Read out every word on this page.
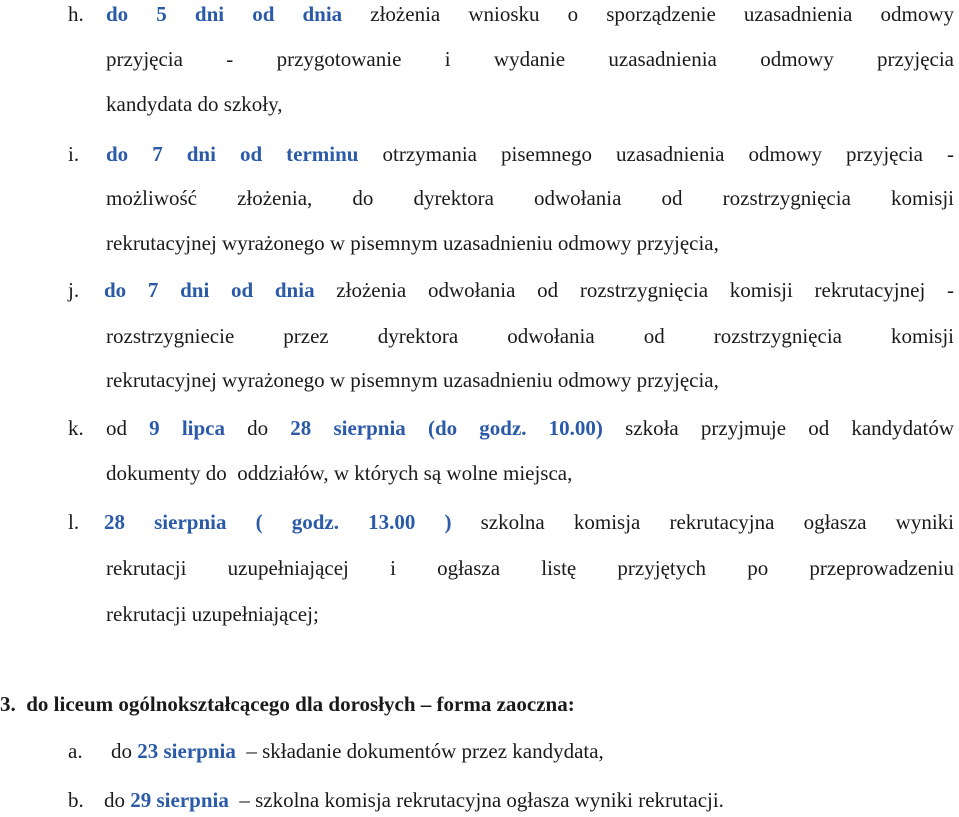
h. do 5 dni od dnia złożenia wniosku o sporządzenie uzasadnienia odmowy
przyjęcia - przygotowanie i wydanie uzasadnienia odmowy przyjęcia
kandydata do szkoły,
i. do 7 dni od terminu otrzymania pisemnego uzasadnienia odmowy przyjęcia -
możliwość złożenia, do dyrektora odwołania od rozstrzygnięcia komisji
rekrutacyjnej wyrażonego w pisemnym uzasadnieniu odmowy przyjęcia,
j. do 7 dni od dnia złożenia odwołania od rozstrzygnięcia komisji rekrutacyjnej -
rozstrzygniecie przez dyrektora odwołania od rozstrzygnięcia komisji
rekrutacyjnej wyrażonego w pisemnym uzasadnieniu odmowy przyjęcia,
k. od 9 lipca do 28 sierpnia (do godz. 10.00) szkoła przyjmuje od kandydatów
dokumenty do  oddziałów, w których są wolne miejsca,
l. 28 sierpnia ( godz. 13.00 ) szkolna komisja rekrutacyjna ogłasza wyniki
rekrutacji uzupełniającej i ogłasza listę przyjętych po przeprowadzeniu
rekrutacji uzupełniającej;
3. do liceum ogólnokształcącego dla dorosłych – forma zaoczna:
a. do 23 sierpnia  – składanie dokumentów przez kandydata,
b. do 29 sierpnia  – szkolna komisja rekrutacyjna ogłasza wyniki rekrutacji.
